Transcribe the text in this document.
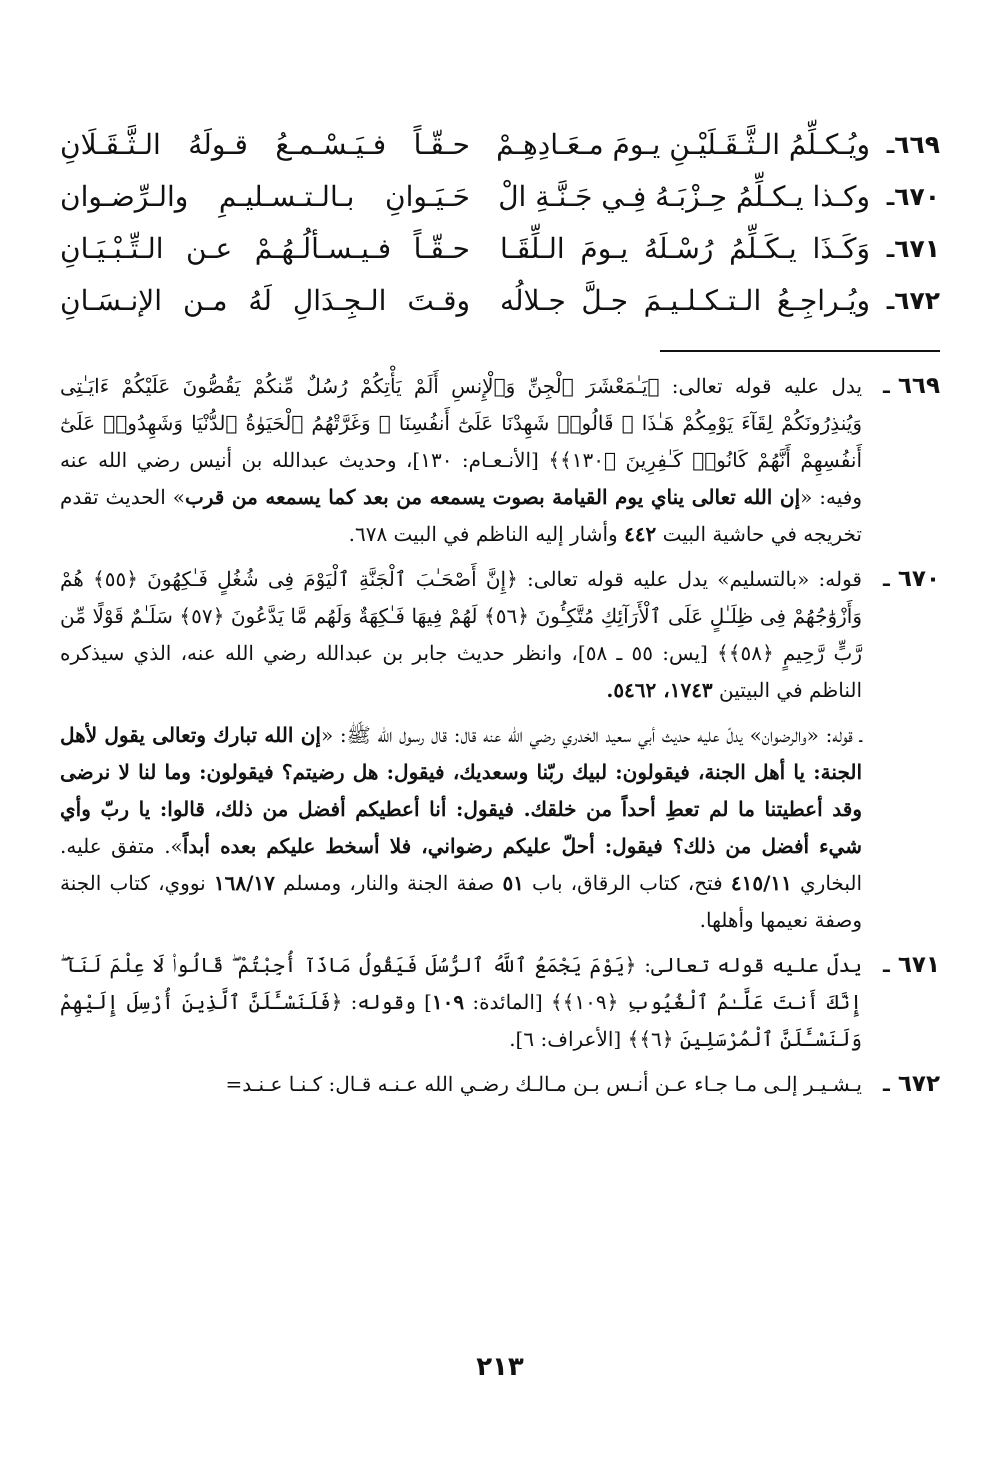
٦٦٩ـ
ويُـكـلِّمُ الـثَّـقَـلَيْـنِ يـومَ مـعَـادِهِـمْ
حـقّـاً فـيَـسْـمـعُ قـولَهُ الـثَّـقَـلَانِ
٦٧٠ـ
وكـذا يـكـلِّمُ حِـزْبَـهُ فِـي جَـنَّـةِ الْ
حَـيَـوانِ بـالـتـسـليـمِ والـرِّضـوان
٦٧١ـ
وَكَـذَا يـكَـلِّمُ رُسْـلَهُ يـومَ الـلِّقَـا
حـقّـاً فـيـسـألُـهُـمْ عـن الـتِّـبْـيَـانِ
٦٧٢ـ
ويُـراجِـعُ الـتـكـلـيـمَ جـلَّ جـلالُه
وقـتَ الـجِـدَالِ لَهُ مـن الإنـسَـانِ
٦٦٩ ـ
يدل عليه قوله تعالى: ﴿يَـٰمَعْشَرَ ٱلْجِنِّ وَٱلْإِنسِ أَلَمْ يَأْتِكُمْ رُسُلٌ مِّنكُمْ يَقُصُّونَ عَلَيْكُمْ ءَايَـٰتِى وَيُنذِرُونَكُمْ لِقَآءَ يَوْمِكُمْ هَـٰذَا ۚ قَالُوا۟ شَهِدْنَا عَلَىٰٓ أَنفُسِنَا ۖ وَغَرَّتْهُمُ ٱلْحَيَوٰةُ ٱلدُّنْيَا وَشَهِدُوا۟ عَلَىٰٓ أَنفُسِهِمْ أَنَّهُمْ كَانُوا۟ كَـٰفِرِينَ ﴿١٣٠﴾﴾ [الأنـعـام: ١٣٠]، وحديث عبدالله بن أنيس رضي الله عنه وفيه: «إن الله تعالى يناي يوم القيامة بصوت يسمعه من بعد كما يسمعه من قرب» الحديث تقدم تخريجه في حاشية البيت ٤٤٢ وأشار إليه الناظم في البيت ٦٧٨.
٦٧٠ ـ
قوله: «بالتسليم» يدل عليه قوله تعالى: ﴿إِنَّ أَصْحَـٰبَ ٱلْجَنَّةِ ٱلْيَوْمَ فِى شُغُلٍ فَـٰكِهُونَ ﴿٥٥﴾ هُمْ وَأَزْوَٰجُهُمْ فِى ظِلَـٰلٍ عَلَى ٱلْأَرَآئِكِ مُتَّكِـُٔونَ ﴿٥٦﴾ لَهُمْ فِيهَا فَـٰكِهَةٌ وَلَهُم مَّا يَدَّعُونَ ﴿٥٧﴾ سَلَـٰمٌ قَوْلًا مِّن رَّبٍّ رَّحِيمٍ ﴿٥٨﴾﴾ [يس: ٥٥ ـ ٥٨]، وانظر حديث جابر بن عبدالله رضي الله عنه، الذي سيذكره الناظم في البيتين ١٧٤٣، ٥٤٦٢.
ـ قوله: «والرضوان» يدلّ عليه حديث أبي سعيد الخدري رضي الله عنه قال: قال رسول الله ﷺ: «إن الله تبارك وتعالى يقول لأهل الجنة: يا أهل الجنة، فيقولون: لبيك ربّنا وسعديك، فيقول: هل رضيتم؟ فيقولون: وما لنا لا نرضى وقد أعطيتنا ما لم تعطِ أحداً من خلقك. فيقول: أنا أعطيكم أفضل من ذلك، قالوا: يا ربّ وأي شيء أفضل من ذلك؟ فيقول: أحلّ عليكم رضواني، فلا أسخط عليكم بعده أبداً». متفق عليه. البخاري ٤١٥/١١ فتح، كتاب الرقاق، باب ٥١ صفة الجنة والنار، ومسلم ١٦٨/١٧ نووي، كتاب الجنة وصفة نعيمها وأهلها.
٦٧١ ـ
يدلّ عليه قوله تعالى: ﴿يَوْمَ يَجْمَعُ ٱللَّهُ ٱلرُّسُلَ فَيَقُولُ مَاذَآ أُجِبْتُمْ ۖ قَالُوا۟ لَا عِلْمَ لَنَآ ۖ إِنَّكَ أَنتَ عَلَّـٰمُ ٱلْغُيُوبِ ﴿١٠٩﴾﴾ [المائدة: ١٠٩] وقوله: ﴿فَلَنَسْـَٔلَنَّ ٱلَّذِينَ أُرْسِلَ إِلَيْهِمْ وَلَنَسْـَٔلَنَّ ٱلْمُرْسَلِينَ ﴿٦﴾﴾ [الأعراف: ٦].
٦٧٢ ـ
يـشـيـر إلـى مـا جـاء عـن أنـس بـن مـالـك رضـي الله عـنـه قـال: كـنـا عـنـد=
٢١٣
